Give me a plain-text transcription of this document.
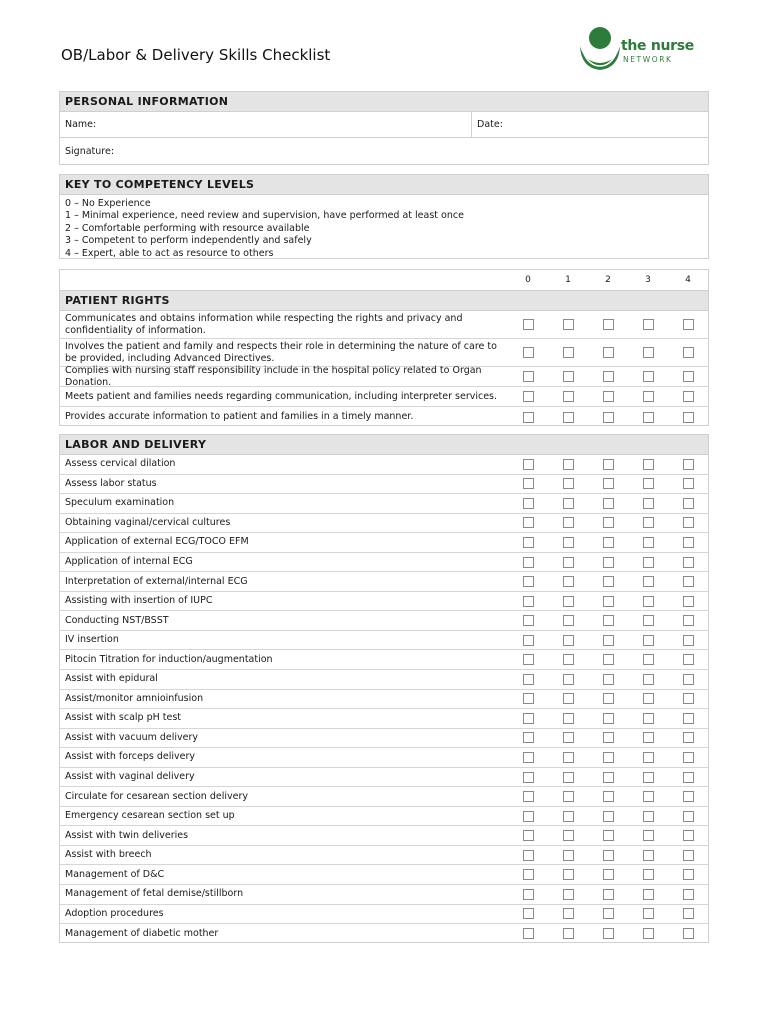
OB/Labor & Delivery Skills Checklist	the nurse
NETWORK
PERSONAL INFORMATION
Name:	Date:
Signature:
KEY TO COMPETENCY LEVELS
0 – No Experience
1 – Minimal experience, need review and supervision, have performed at least once
2 – Comfortable performing with resource available
3 – Competent to perform independently and safely
4 – Expert, able to act as resource to others
0	1	2	3	4
PATIENT RIGHTS
Communicates and obtains information while respecting the rights and privacy and confidentiality of information.
Involves the patient and family and respects their role in determining the nature of care to be provided, including Advanced Directives.
Complies with nursing staff responsibility include in the hospital policy related to Organ Donation.
Meets patient and families needs regarding communication, including interpreter services.
Provides accurate information to patient and families in a timely manner.
LABOR AND DELIVERY
Assess cervical dilation
Assess labor status
Speculum examination
Obtaining vaginal/cervical cultures
Application of external ECG/TOCO EFM
Application of internal ECG
Interpretation of external/internal ECG
Assisting with insertion of IUPC
Conducting NST/BSST
IV insertion
Pitocin Titration for induction/augmentation
Assist with epidural
Assist/monitor amnioinfusion
Assist with scalp pH test
Assist with vacuum delivery
Assist with forceps delivery
Assist with vaginal delivery
Circulate for cesarean section delivery
Emergency cesarean section set up
Assist with twin deliveries
Assist with breech
Management of D&C
Management of fetal demise/stillborn
Adoption procedures
Management of diabetic mother
